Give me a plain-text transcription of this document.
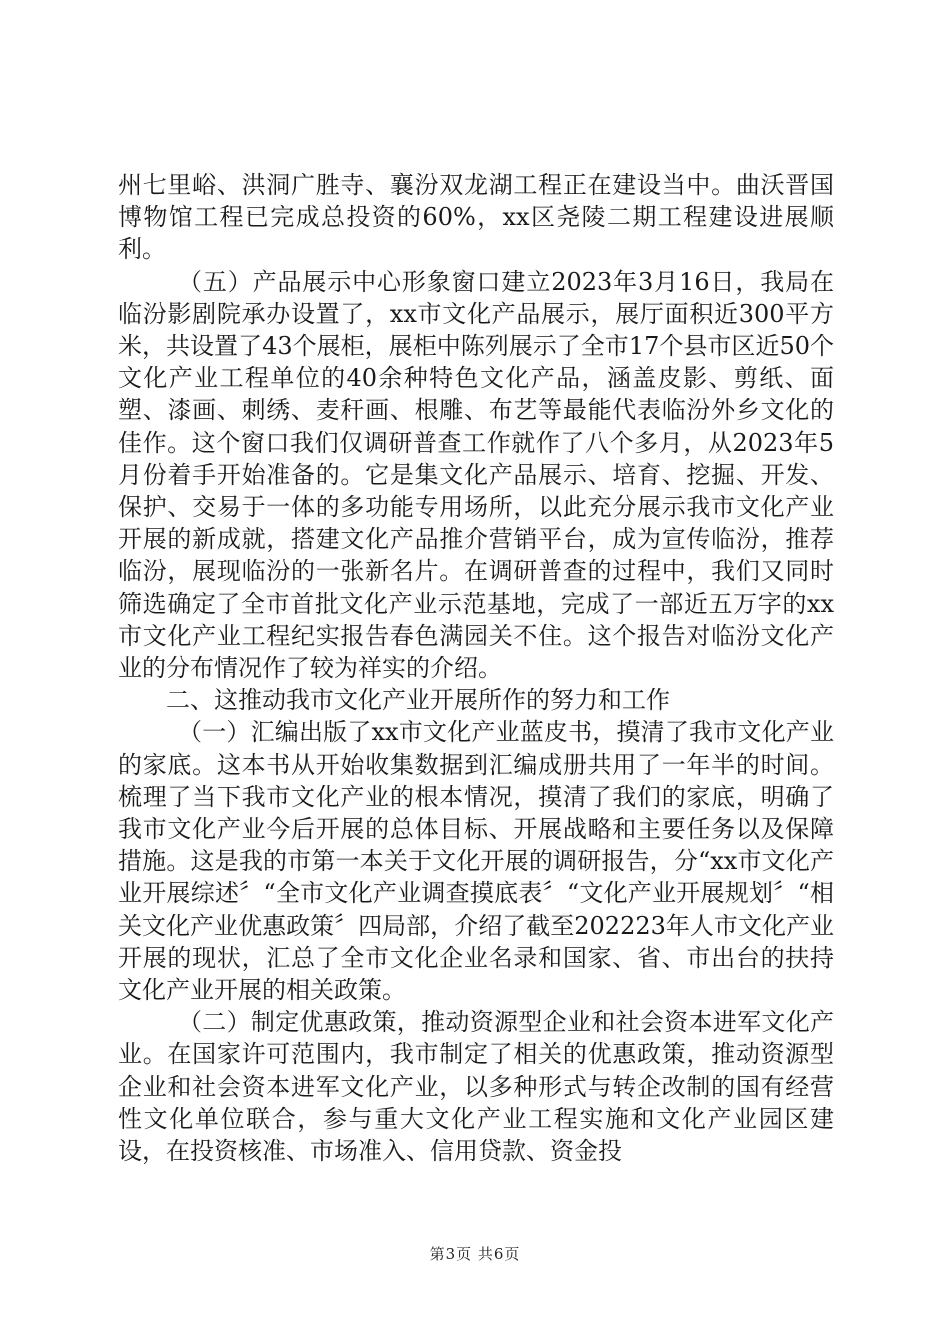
州七里峪、洪洞广胜寺、襄汾双龙湖工程正在建设当中。曲沃晋国博物馆工程已完成总投资的60%，xx区尧陵二期工程建设进展顺利。

（五）产品展示中心形象窗口建立2023年3月16日，我局在临汾影剧院承办设置了，xx市文化产品展示，展厅面积近300平方米，共设置了43个展柜，展柜中陈列展示了全市17个县市区近50个文化产业工程单位的40余种特色文化产品，涵盖皮影、剪纸、面塑、漆画、刺绣、麦秆画、根雕、布艺等最能代表临汾外乡文化的佳作。这个窗口我们仅调研普查工作就作了八个多月，从2023年5月份着手开始准备的。它是集文化产品展示、培育、挖掘、开发、保护、交易于一体的多功能专用场所，以此充分展示我市文化产业开展的新成就，搭建文化产品推介营销平台，成为宣传临汾，推荐临汾，展现临汾的一张新名片。在调研普查的过程中，我们又同时筛选确定了全市首批文化产业示范基地，完成了一部近五万字的xx市文化产业工程纪实报告春色满园关不住。这个报告对临汾文化产业的分布情况作了较为祥实的介绍。

二、这推动我市文化产业开展所作的努力和工作

（一）汇编出版了xx市文化产业蓝皮书，摸清了我市文化产业的家底。这本书从开始收集数据到汇编成册共用了一年半的时间。梳理了当下我市文化产业的根本情况，摸清了我们的家底，明确了我市文化产业今后开展的总体目标、开展战略和主要任务以及保障措施。这是我的市第一本关于文化开展的调研报告，分“xx市文化产业开展综述〞“全市文化产业调查摸底表〞“文化产业开展规划〞“相关文化产业优惠政策〞四局部，介绍了截至202223年人市文化产业开展的现状，汇总了全市文化企业名录和国家、省、市出台的扶持文化产业开展的相关政策。

（二）制定优惠政策，推动资源型企业和社会资本进军文化产业。在国家许可范围内，我市制定了相关的优惠政策，推动资源型企业和社会资本进军文化产业，以多种形式与转企改制的国有经营性文化单位联合，参与重大文化产业工程实施和文化产业园区建设，在投资核准、市场准入、信用贷款、资金投

第3页 共6页
